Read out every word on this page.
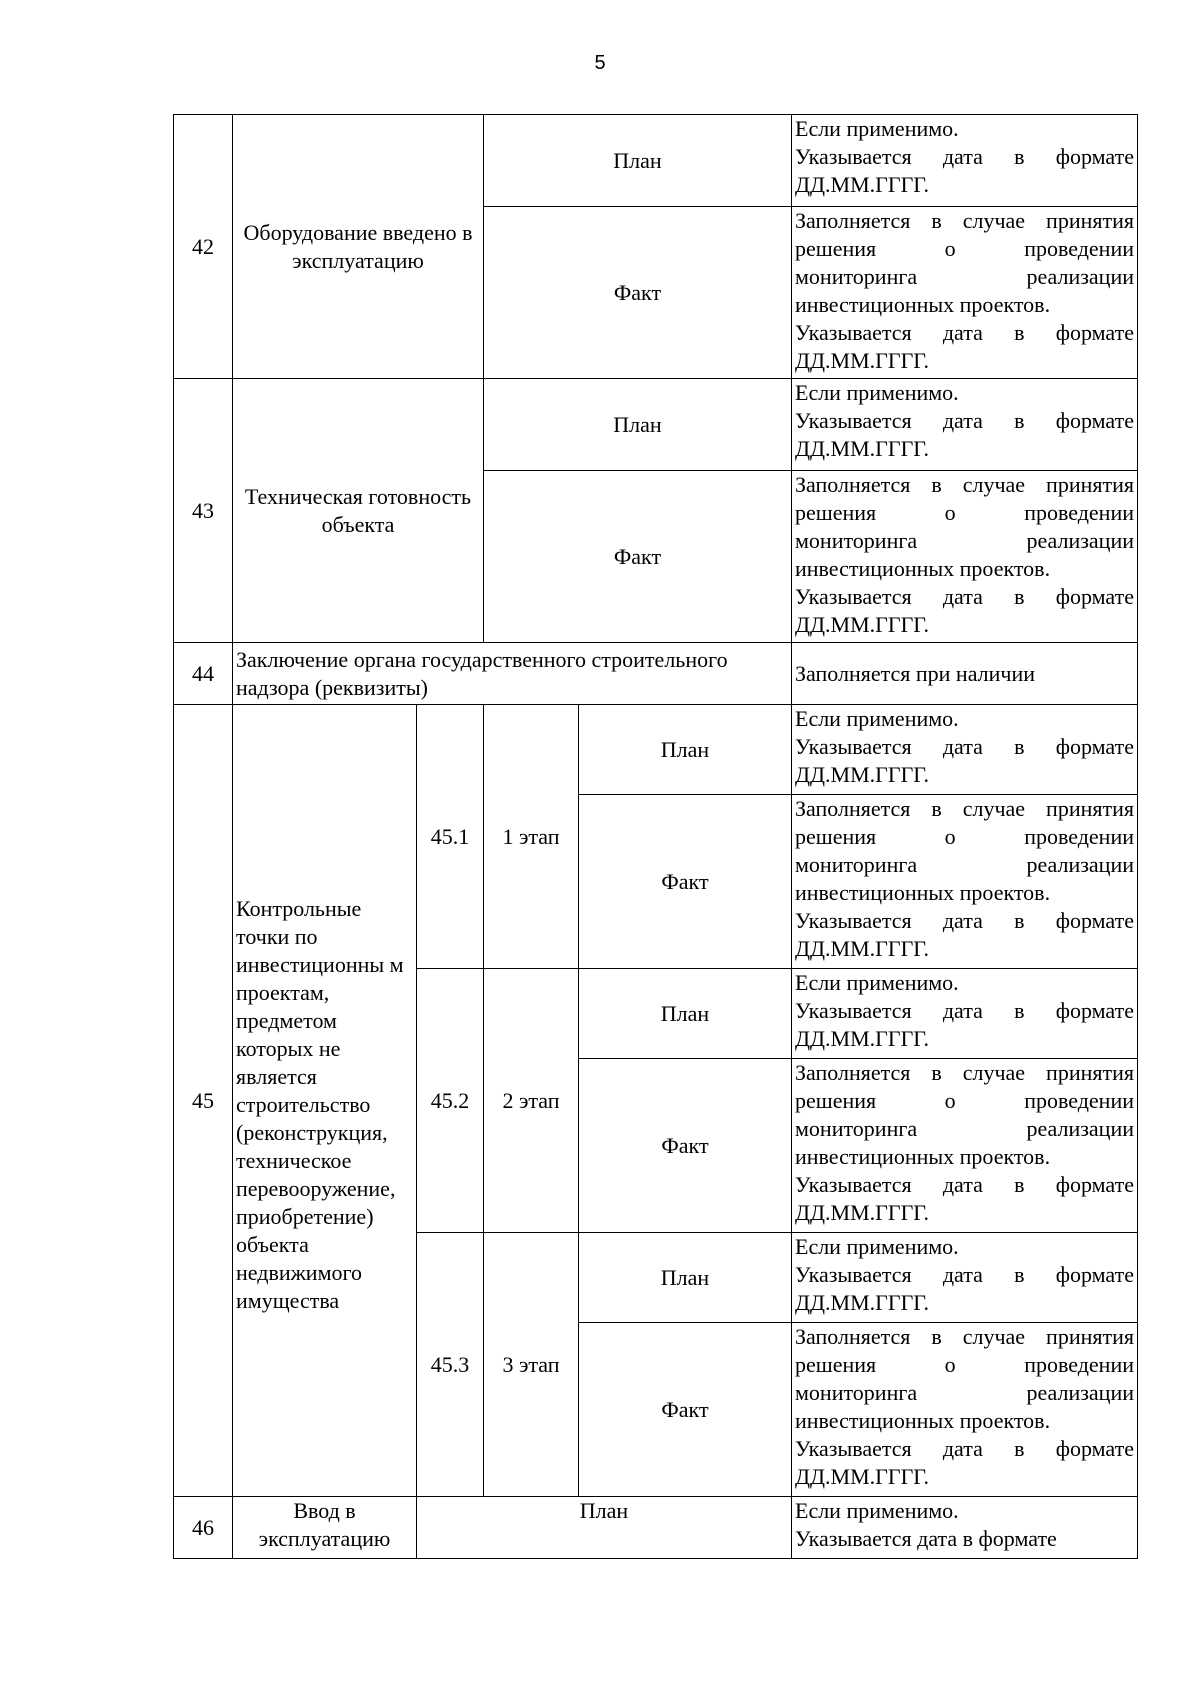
5
42	Оборудование введено в эксплуатацию		План		Если применимо.
Указывается дата в формате ДД.ММ.ГГГГ.
			Факт		Заполняется в случае принятия решения о проведении мониторинга реализации инвестиционных проектов.
Указывается дата в формате ДД.ММ.ГГГГ.
43	Техническая готовность объекта		План		Если применимо.
Указывается дата в формате ДД.ММ.ГГГГ.
			Факт		Заполняется в случае принятия решения о проведении мониторинга реализации инвестиционных проектов.
Указывается дата в формате ДД.ММ.ГГГГ.
44	Заключение органа государственного строительного надзора (реквизиты)				Заполняется при наличии
45	Контрольные точки по инвестиционны м проектам, предметом которых не является строительство (реконструкция, техническое перевооружение, приобретение) объекта недвижимого имущества	45.1	1 этап	План	Если применимо.
Указывается дата в формате ДД.ММ.ГГГГ.
				Факт	Заполняется в случае принятия решения о проведении мониторинга реализации инвестиционных проектов.
Указывается дата в формате ДД.ММ.ГГГГ.
		45.2	2 этап	План	Если применимо.
Указывается дата в формате ДД.ММ.ГГГГ.
				Факт	Заполняется в случае принятия решения о проведении мониторинга реализации инвестиционных проектов.
Указывается дата в формате ДД.ММ.ГГГГ.
		45.3	3 этап	План	Если применимо.
Указывается дата в формате ДД.ММ.ГГГГ.
				Факт	Заполняется в случае принятия решения о проведении мониторинга реализации инвестиционных проектов.
Указывается дата в формате ДД.ММ.ГГГГ.
46	Ввод в эксплуатацию	План			Если применимо.
Указывается дата в формате
